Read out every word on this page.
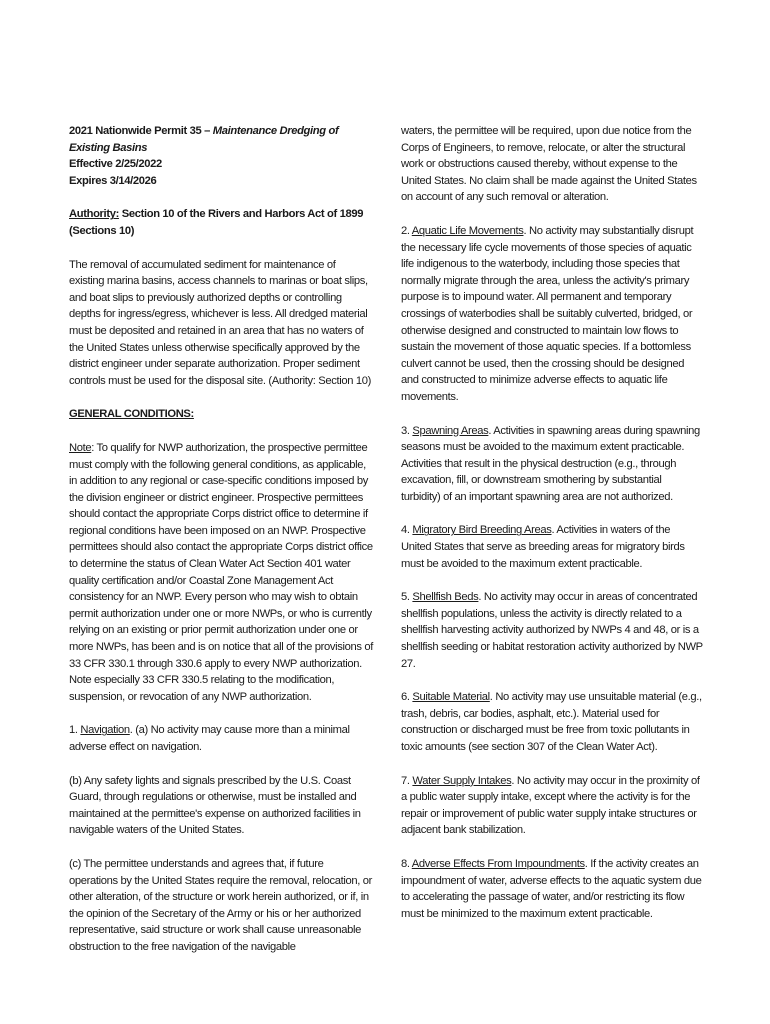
2021 Nationwide Permit 35 – Maintenance Dredging of Existing Basins

Effective 2/25/2022

Expires 3/14/2026

Authority: Section 10 of the Rivers and Harbors Act of 1899 (Sections 10)

The removal of accumulated sediment for maintenance of existing marina basins, access channels to marinas or boat slips, and boat slips to previously authorized depths or controlling depths for ingress/egress, whichever is less. All dredged material must be deposited and retained in an area that has no waters of the United States unless otherwise specifically approved by the district engineer under separate authorization. Proper sediment controls must be used for the disposal site. (Authority: Section 10)

GENERAL CONDITIONS:

Note: To qualify for NWP authorization, the prospective permittee must comply with the following general conditions, as applicable, in addition to any regional or case-specific conditions imposed by the division engineer or district engineer. Prospective permittees should contact the appropriate Corps district office to determine if regional conditions have been imposed on an NWP. Prospective permittees should also contact the appropriate Corps district office to determine the status of Clean Water Act Section 401 water quality certification and/or Coastal Zone Management Act consistency for an NWP. Every person who may wish to obtain permit authorization under one or more NWPs, or who is currently relying on an existing or prior permit authorization under one or more NWPs, has been and is on notice that all of the provisions of 33 CFR 330.1 through 330.6 apply to every NWP authorization. Note especially 33 CFR 330.5 relating to the modification, suspension, or revocation of any NWP authorization.

1. Navigation. (a) No activity may cause more than a minimal adverse effect on navigation.

(b) Any safety lights and signals prescribed by the U.S. Coast Guard, through regulations or otherwise, must be installed and maintained at the permittee's expense on authorized facilities in navigable waters of the United States.

(c) The permittee understands and agrees that, if future operations by the United States require the removal, relocation, or other alteration, of the structure or work herein authorized, or if, in the opinion of the Secretary of the Army or his or her authorized representative, said structure or work shall cause unreasonable obstruction to the free navigation of the navigable

waters, the permittee will be required, upon due notice from the Corps of Engineers, to remove, relocate, or alter the structural work or obstructions caused thereby, without expense to the United States. No claim shall be made against the United States on account of any such removal or alteration.

2. Aquatic Life Movements. No activity may substantially disrupt the necessary life cycle movements of those species of aquatic life indigenous to the waterbody, including those species that normally migrate through the area, unless the activity's primary purpose is to impound water. All permanent and temporary crossings of waterbodies shall be suitably culverted, bridged, or otherwise designed and constructed to maintain low flows to sustain the movement of those aquatic species. If a bottomless culvert cannot be used, then the crossing should be designed and constructed to minimize adverse effects to aquatic life movements.

3. Spawning Areas. Activities in spawning areas during spawning seasons must be avoided to the maximum extent practicable. Activities that result in the physical destruction (e.g., through excavation, fill, or downstream smothering by substantial turbidity) of an important spawning area are not authorized.

4. Migratory Bird Breeding Areas. Activities in waters of the United States that serve as breeding areas for migratory birds must be avoided to the maximum extent practicable.

5. Shellfish Beds. No activity may occur in areas of concentrated shellfish populations, unless the activity is directly related to a shellfish harvesting activity authorized by NWPs 4 and 48, or is a shellfish seeding or habitat restoration activity authorized by NWP 27.

6. Suitable Material. No activity may use unsuitable material (e.g., trash, debris, car bodies, asphalt, etc.). Material used for construction or discharged must be free from toxic pollutants in toxic amounts (see section 307 of the Clean Water Act).

7. Water Supply Intakes. No activity may occur in the proximity of a public water supply intake, except where the activity is for the repair or improvement of public water supply intake structures or adjacent bank stabilization.

8. Adverse Effects From Impoundments. If the activity creates an impoundment of water, adverse effects to the aquatic system due to accelerating the passage of water, and/or restricting its flow must be minimized to the maximum extent practicable.
